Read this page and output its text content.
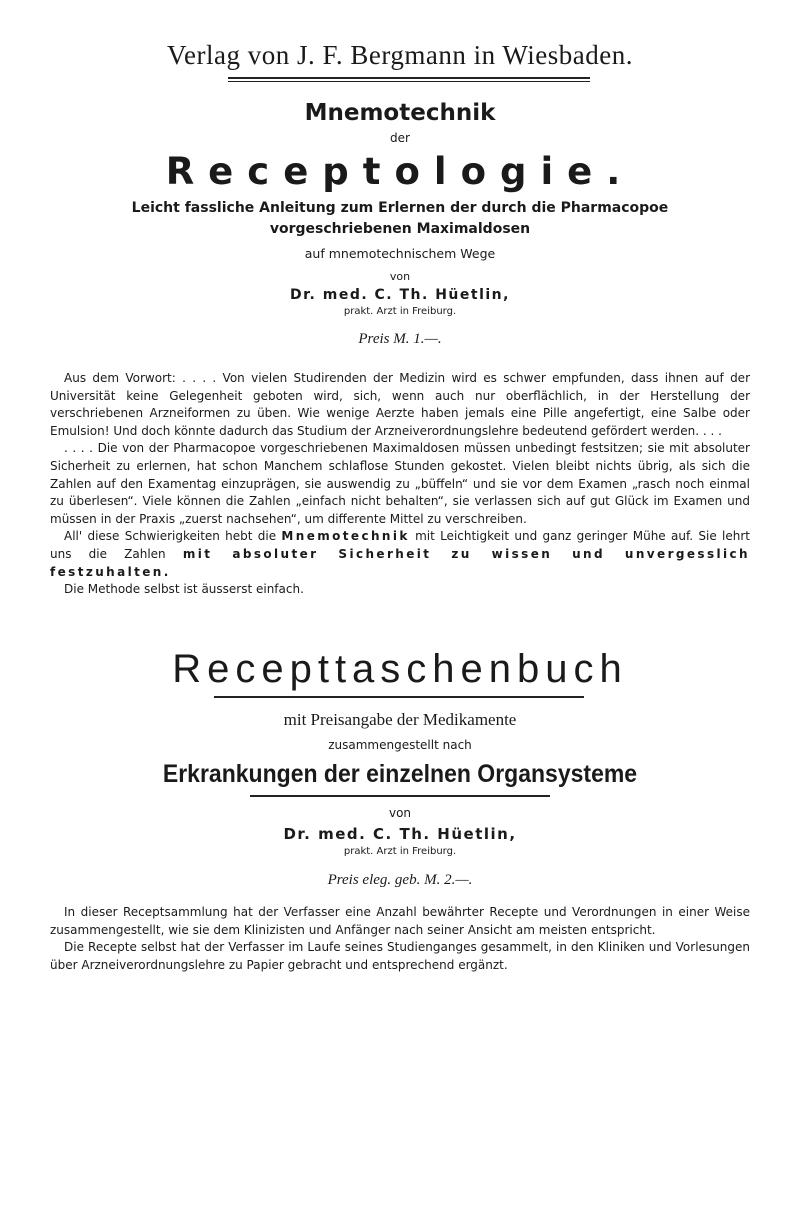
Verlag von J. F. Bergmann in Wiesbaden.
Mnemotechnik
der
Receptologie.
Leicht fassliche Anleitung zum Erlernen der durch die Pharmacopoe
vorgeschriebenen Maximaldosen
auf mnemotechnischem Wege
von
Dr. med. C. Th. Hüetlin,
prakt. Arzt in Freiburg.
Preis M. 1.—.

Aus dem Vorwort: . . . . Von vielen Studirenden der Medizin wird es schwer empfunden, dass ihnen auf der Universität keine Gelegenheit geboten wird, sich, wenn auch nur oberflächlich, in der Herstellung der verschriebenen Arzneiformen zu üben. Wie wenige Aerzte haben jemals eine Pille angefertigt, eine Salbe oder Emulsion! Und doch könnte dadurch das Studium der Arzneiverordnungslehre bedeutend gefördert werden. . . .

. . . . Die von der Pharmacopoe vorgeschriebenen Maximaldosen müssen unbedingt festsitzen; sie mit absoluter Sicherheit zu erlernen, hat schon Manchem schlaflose Stunden gekostet. Vielen bleibt nichts übrig, als sich die Zahlen auf den Examentag einzuprägen, sie auswendig zu „büffeln“ und sie vor dem Examen „rasch noch einmal zu überlesen“. Viele können die Zahlen „einfach nicht behalten“, sie verlassen sich auf gut Glück im Examen und müssen in der Praxis „zuerst nachsehen“, um differente Mittel zu verschreiben.

All' diese Schwierigkeiten hebt die Mnemotechnik mit Leichtigkeit und ganz geringer Mühe auf. Sie lehrt uns die Zahlen mit absoluter Sicherheit zu wissen und unvergesslich festzuhalten.

Die Methode selbst ist äusserst einfach.

Recepttaschenbuch
mit Preisangabe der Medikamente
zusammengestellt nach
Erkrankungen der einzelnen Organsysteme
von
Dr. med. C. Th. Hüetlin,
prakt. Arzt in Freiburg.
Preis eleg. geb. M. 2.—.

In dieser Receptsammlung hat der Verfasser eine Anzahl bewährter Recepte und Verordnungen in einer Weise zusammengestellt, wie sie dem Klinizisten und Anfänger nach seiner Ansicht am meisten entspricht.

Die Recepte selbst hat der Verfasser im Laufe seines Studienganges gesammelt, in den Kliniken und Vorlesungen über Arzneiverordnungslehre zu Papier gebracht und entsprechend ergänzt.
